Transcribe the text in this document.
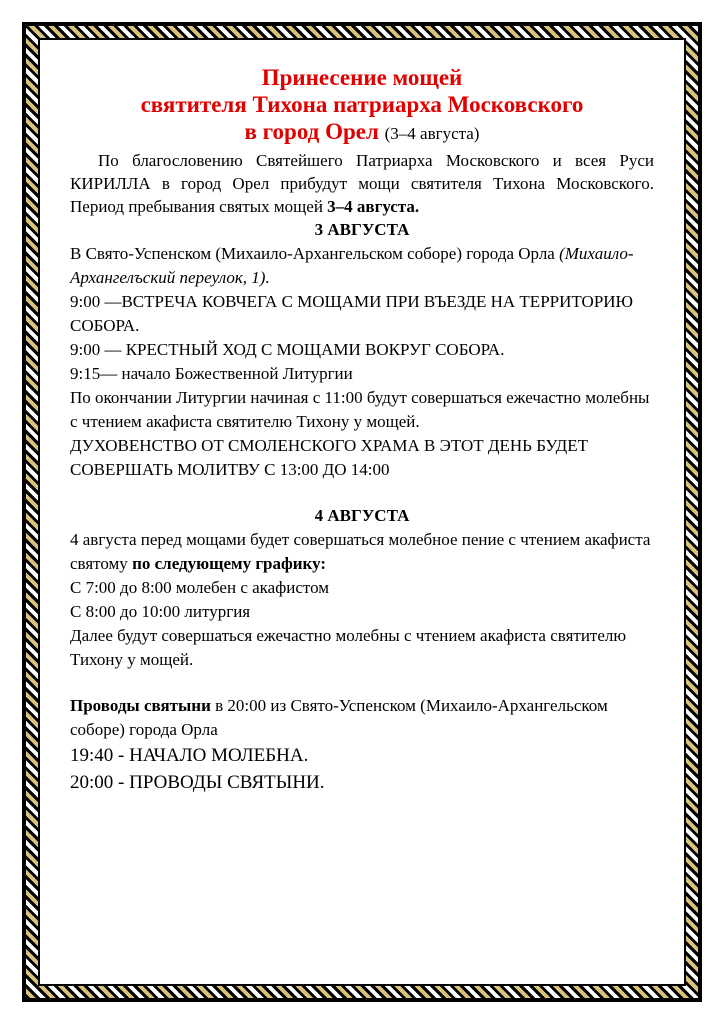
Принесение мощей
святителя Тихона патриарха Московского
в город Орел (3–4 августа)
По благословению Святейшего Патриарха Московского и всея Руси КИРИЛЛА в город Орел прибудут мощи святителя Тихона Московского. Период пребывания святых мощей 3–4 августа.
3 АВГУСТА
В Свято-Успенском (Михаило-Архангельском соборе) города Орла (Михаило-Архангелъский переулок, 1).
9:00 —ВСТРЕЧА КОВЧЕГА С МОЩАМИ ПРИ ВЪЕЗДЕ НА ТЕРРИТОРИЮ СОБОРА.
9:00 — КРЕСТНЫЙ ХОД С МОЩАМИ ВОКРУГ СОБОРА.
9:15— начало Божественной Литургии
По окончании Литургии начиная с 11:00 будут совершаться ежечастно молебны с чтением акафиста святителю Тихону у мощей.
ДУХОВЕНСТВО ОТ СМОЛЕНСКОГО ХРАМА В ЭТОТ ДЕНЬ БУДЕТ СОВЕРШАТЬ МОЛИТВУ С 13:00 ДО 14:00
4 АВГУСТА
4 августа перед мощами будет совершаться молебное пение с чтением акафиста святому по следующему графику:
С 7:00 до 8:00 молебен с акафистом
С 8:00 до 10:00 литургия
Далее будут совершаться ежечастно молебны с чтением акафиста святителю Тихону у мощей.
Проводы святыни в 20:00 из Свято-Успенском (Михаило-Архангельском соборе) города Орла
19:40 - НАЧАЛО МОЛЕБНА.
20:00 - ПРОВОДЫ СВЯТЫНИ.
